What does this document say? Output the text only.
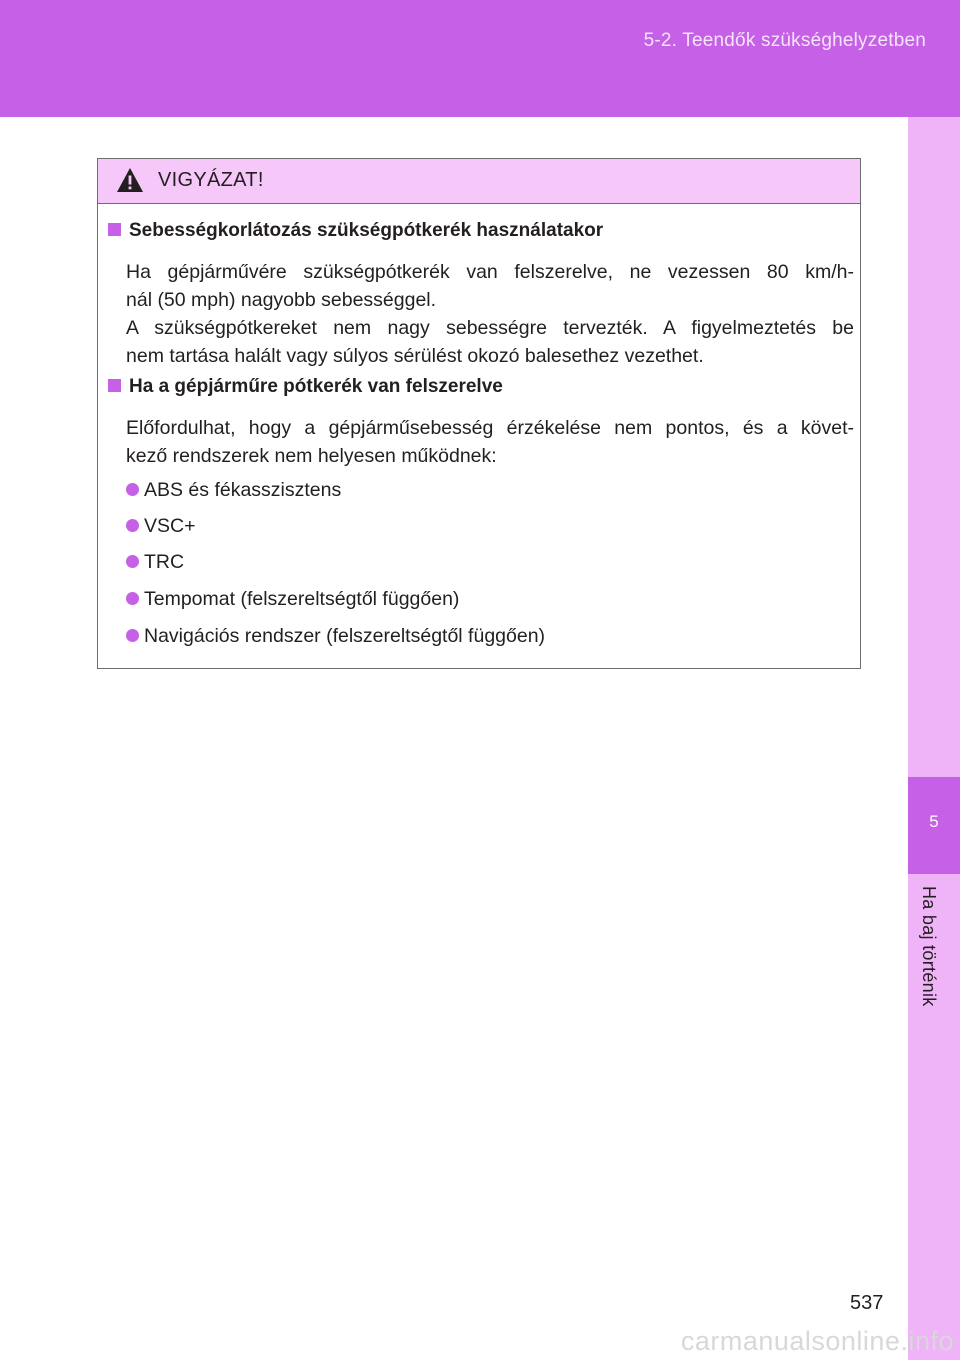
5-2. Teendők szükséghelyzetben
5
Ha baj történik
VIGYÁZAT!
Sebességkorlátozás szükségpótkerék használatakor
Ha gépjárművére szükségpótkerék van felszerelve, ne vezessen 80 km/h-
nál (50 mph) nagyobb sebességgel.
A szükségpótkereket nem nagy sebességre tervezték. A figyelmeztetés be
nem tartása halált vagy súlyos sérülést okozó balesethez vezethet.
Ha a gépjárműre pótkerék van felszerelve
Előfordulhat, hogy a gépjárműsebesség érzékelése nem pontos, és a követ-
kező rendszerek nem helyesen működnek:
ABS és fékasszisztens
VSC+
TRC
Tempomat (felszereltségtől függően)
Navigációs rendszer (felszereltségtől függően)
537
carmanualsonline.info
